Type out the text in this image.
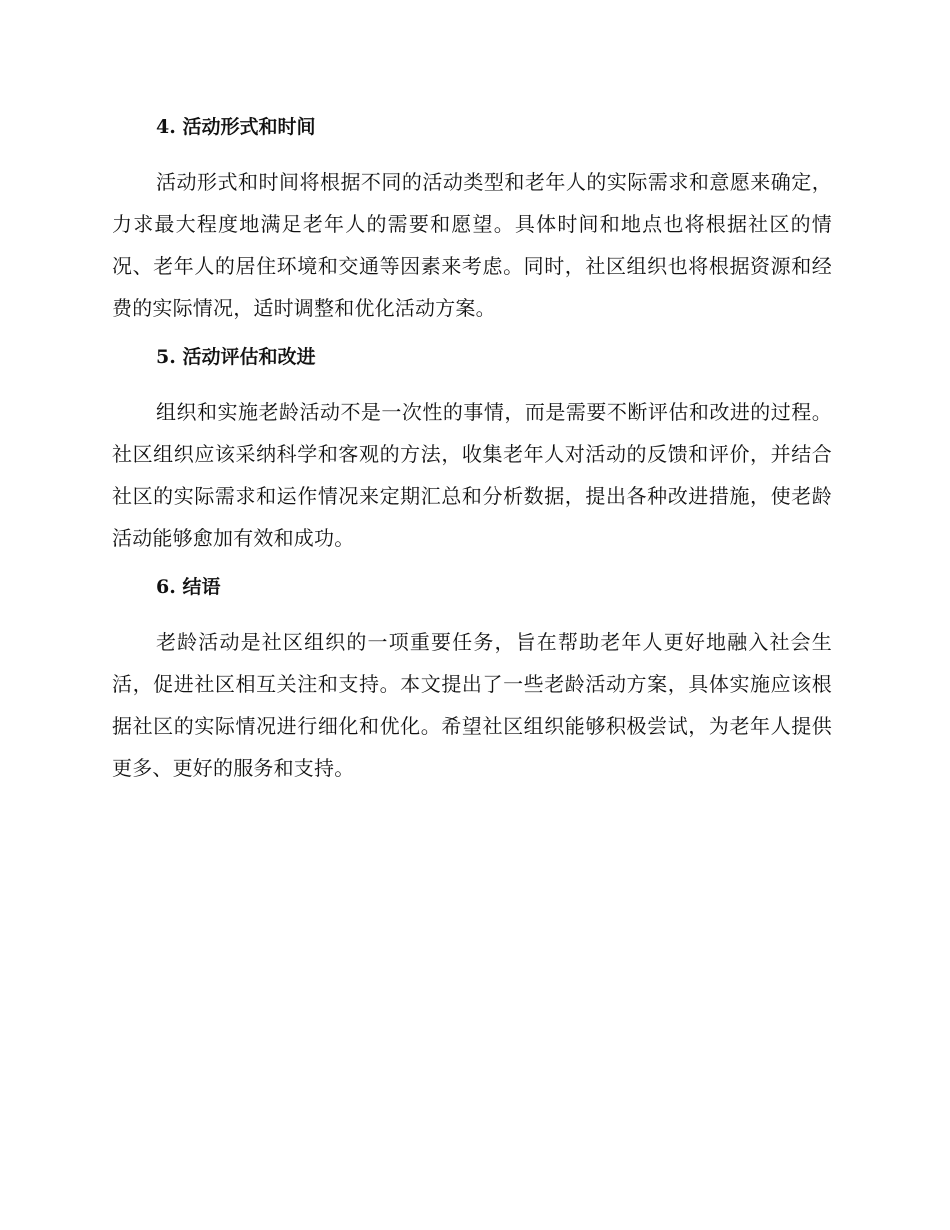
4. 活动形式和时间

活动形式和时间将根据不同的活动类型和老年人的实际需求和意愿来确定，力求最大程度地满足老年人的需要和愿望。具体时间和地点也将根据社区的情况、老年人的居住环境和交通等因素来考虑。同时，社区组织也将根据资源和经费的实际情况，适时调整和优化活动方案。

5. 活动评估和改进

组织和实施老龄活动不是一次性的事情，而是需要不断评估和改进的过程。社区组织应该采纳科学和客观的方法，收集老年人对活动的反馈和评价，并结合社区的实际需求和运作情况来定期汇总和分析数据，提出各种改进措施，使老龄活动能够愈加有效和成功。

6. 结语

老龄活动是社区组织的一项重要任务，旨在帮助老年人更好地融入社会生活，促进社区相互关注和支持。本文提出了一些老龄活动方案，具体实施应该根据社区的实际情况进行细化和优化。希望社区组织能够积极尝试，为老年人提供更多、更好的服务和支持。
